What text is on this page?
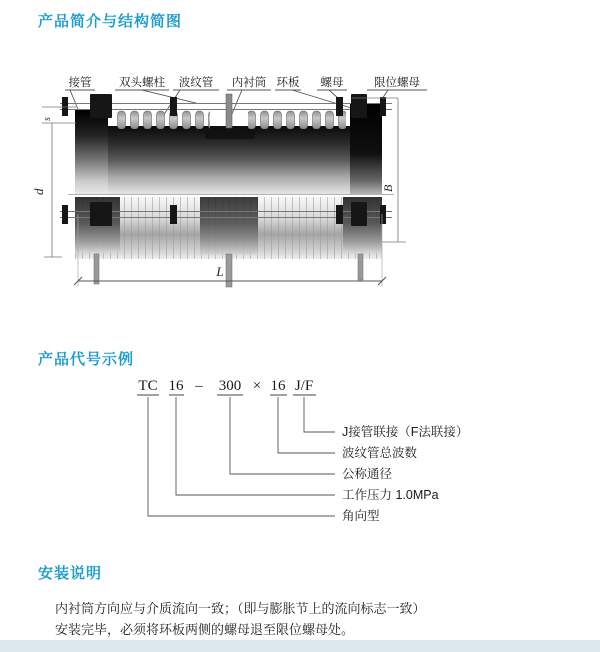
产品简介与结构简图
接管 双头螺柱 波纹管 内衬筒 环板 螺母	限位螺母
s
d	B
L
产品代号示例
TC 16 – 300 × 16 J/F
J接管联接（F法联接）
波纹管总波数
公称通径
工作压力 1.0MPa
角向型
安装说明
内衬筒方向应与介质流向一致；（即与膨胀节上的流向标志一致）
安装完毕，必须将环板两侧的螺母退至限位螺母处。
